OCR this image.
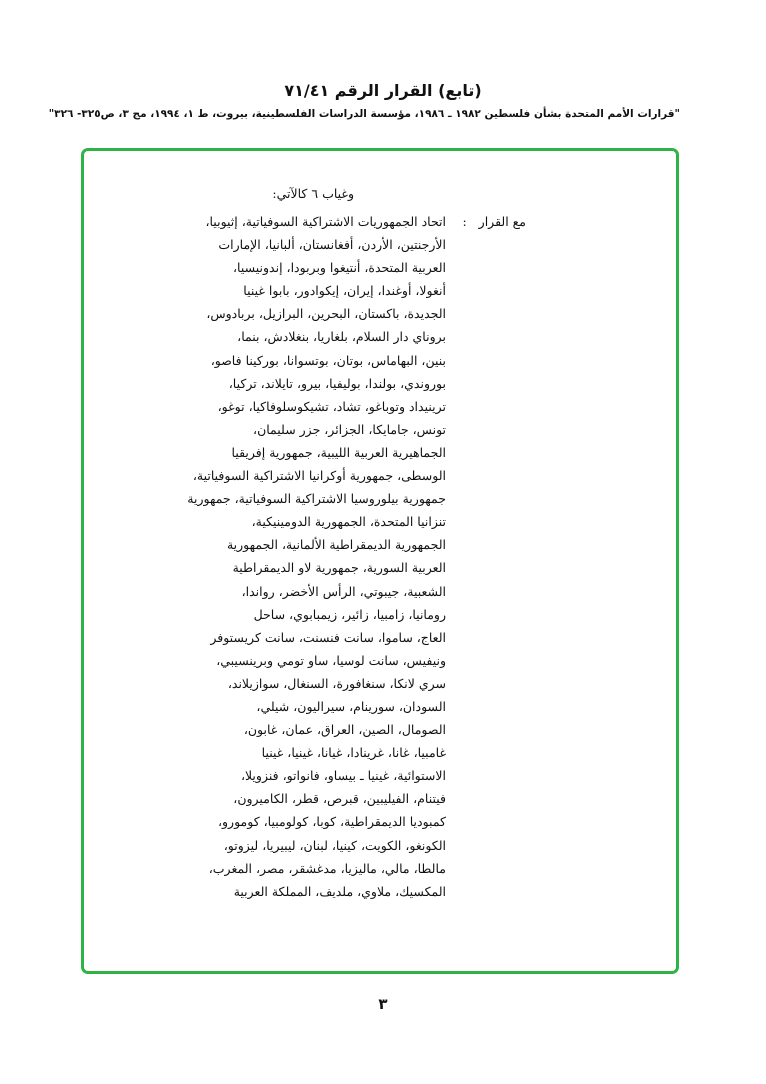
(تابع) القرار الرقم ٧١/٤١
"قرارات الأمم المتحدة بشأن فلسطين ١٩٨٢ ـ ١٩٨٦، مؤسسة الدراسات الفلسطينية، بيروت، ط ١، ١٩٩٤، مج ٣، ص٣٢٥- ٣٢٦"
وغياب ٦ كالآتي:
مع القرار :
اتحاد الجمهوريات الاشتراكية السوفياتية، إثيوبيا،
الأرجنتين، الأردن، أفغانستان، ألبانيا، الإمارات
العربية المتحدة، أنتيغوا وبربودا، إندونيسيا،
أنغولا، أوغندا، إيران، إيكوادور، بابوا غينيا
الجديدة، باكستان، البحرين، البرازيل، بربادوس،
بروناي دار السلام، بلغاريا، بنغلادش، بنما،
بنين، البهاماس، بوتان، بوتسوانا، بوركينا فاصو،
بوروندي، بولندا، بوليفيا، بيرو، تايلاند، تركيا،
ترينيداد وتوباغو، تشاد، تشيكوسلوفاكيا، توغو،
تونس، جامايكا، الجزائر، جزر سليمان،
الجماهيرية العربية الليبية، جمهورية إفريقيا
الوسطى، جمهورية أوكرانيا الاشتراكية السوفياتية،
جمهورية بيلوروسيا الاشتراكية السوفياتية، جمهورية
تنزانيا المتحدة، الجمهورية الدومينيكية،
الجمهورية الديمقراطية الألمانية، الجمهورية
العربية السورية، جمهورية لاو الديمقراطية
الشعبية، جيبوتي، الرأس الأخضر، رواندا،
رومانيا، زامبيا، زائير، زيمبابوي، ساحل
العاج، ساموا، سانت فنسنت، سانت كريستوفر
ونيفيس، سانت لوسيا، ساو تومي وبرينسيبي،
سري لانكا، سنغافورة، السنغال، سوازيلاند،
السودان، سورينام، سيراليون، شيلي،
الصومال، الصين، العراق، عمان، غابون،
غامبيا، غانا، غرينادا، غيانا، غينيا، غينيا
الاستوائية، غينيا ـ بيساو، فانواتو، فنزويلا،
فيتنام، الفيليبين، قبرص، قطر، الكاميرون،
كمبوديا الديمقراطية، كوبا، كولومبيا، كومورو،
الكونغو، الكويت، كينيا، لبنان، ليبيريا، ليزوتو،
مالطا، مالي، ماليزيا، مدغشقر، مصر، المغرب،
المكسيك، ملاوي، ملديف، المملكة العربية
٣
